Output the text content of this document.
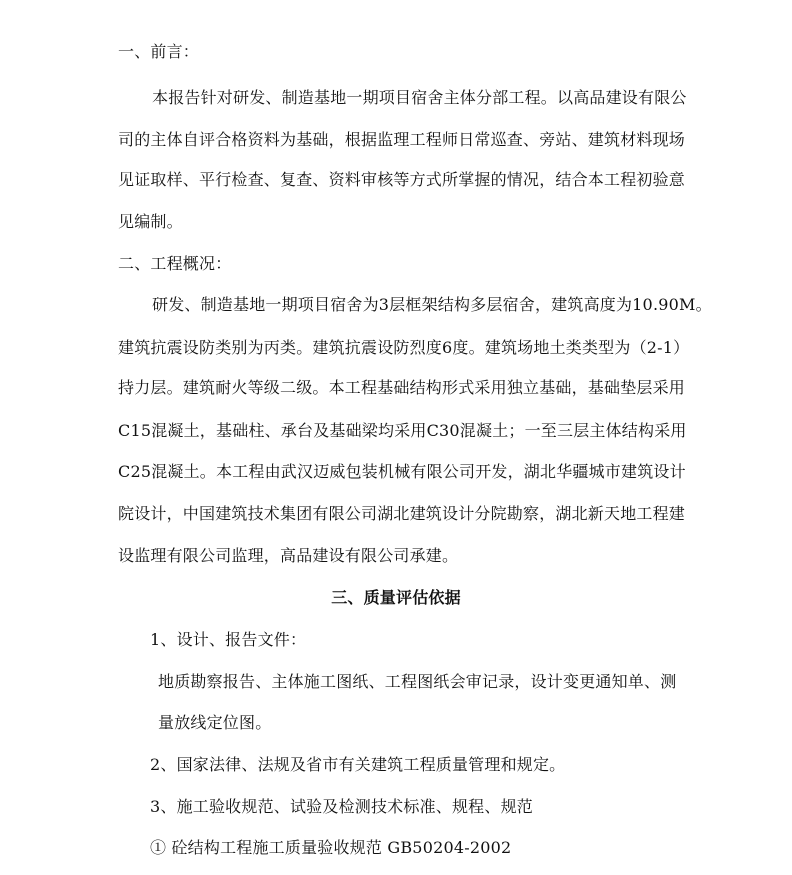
一、前言：
本报告针对研发、制造基地一期项目宿舍主体分部工程。以高品建设有限公
司的主体自评合格资料为基础，根据监理工程师日常巡查、旁站、建筑材料现场
见证取样、平行检查、复查、资料审核等方式所掌握的情况，结合本工程初验意
见编制。
二、工程概况：
研发、制造基地一期项目宿舍为3层框架结构多层宿舍，建筑高度为10.90M。
建筑抗震设防类别为丙类。建筑抗震设防烈度6度。建筑场地土类类型为（2-1）
持力层。建筑耐火等级二级。本工程基础结构形式采用独立基础，基础垫层采用
C15混凝土，基础柱、承台及基础梁均采用C30混凝土；一至三层主体结构采用
C25混凝土。本工程由武汉迈威包装机械有限公司开发，湖北华疆城市建筑设计
院设计，中国建筑技术集团有限公司湖北建筑设计分院勘察，湖北新天地工程建
设监理有限公司监理，高品建设有限公司承建。
三、质量评估依据
1、设计、报告文件：
地质勘察报告、主体施工图纸、工程图纸会审记录，设计变更通知单、测
量放线定位图。
2、国家法律、法规及省市有关建筑工程质量管理和规定。
3、施工验收规范、试验及检测技术标准、规程、规范
① 砼结构工程施工质量验收规范 GB50204-2002
